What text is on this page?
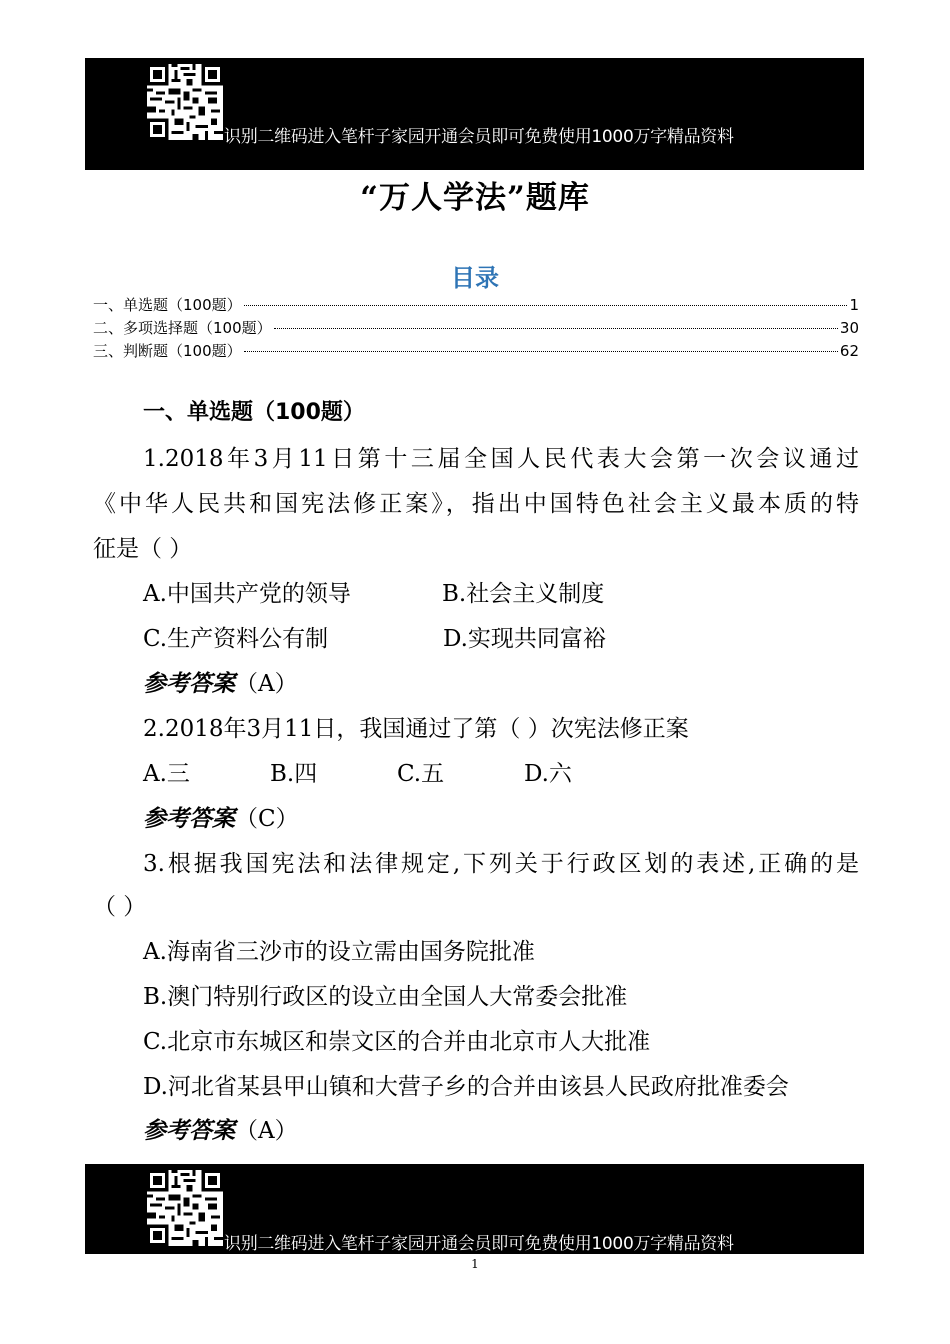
识别二维码进入笔杆子家园开通会员即可免费使用1000万字精品资料
“万人学法”题库
目录
一、单选题（100题）	1
二、多项选择题（100题）	30
三、判断题（100题）	62
一、单选题（100题）
1.2018年3月11日第十三届全国人民代表大会第一次会议通过
《中华人民共和国宪法修正案》，指出中国特色社会主义最本质的特
征是（ ）
A.中国共产党的领导	B.社会主义制度
C.生产资料公有制	D.实现共同富裕
参考答案（A）
2.2018年3月11日，我国通过了第（ ）次宪法修正案
A.三	B.四	C.五	D.六
参考答案（C）
3.根据我国宪法和法律规定,下列关于行政区划的表述,正确的是
（ ）
A.海南省三沙市的设立需由国务院批准
B.澳门特别行政区的设立由全国人大常委会批准
C.北京市东城区和崇文区的合并由北京市人大批准
D.河北省某县甲山镇和大营子乡的合并由该县人民政府批准委会
参考答案（A）
识别二维码进入笔杆子家园开通会员即可免费使用1000万字精品资料
1
